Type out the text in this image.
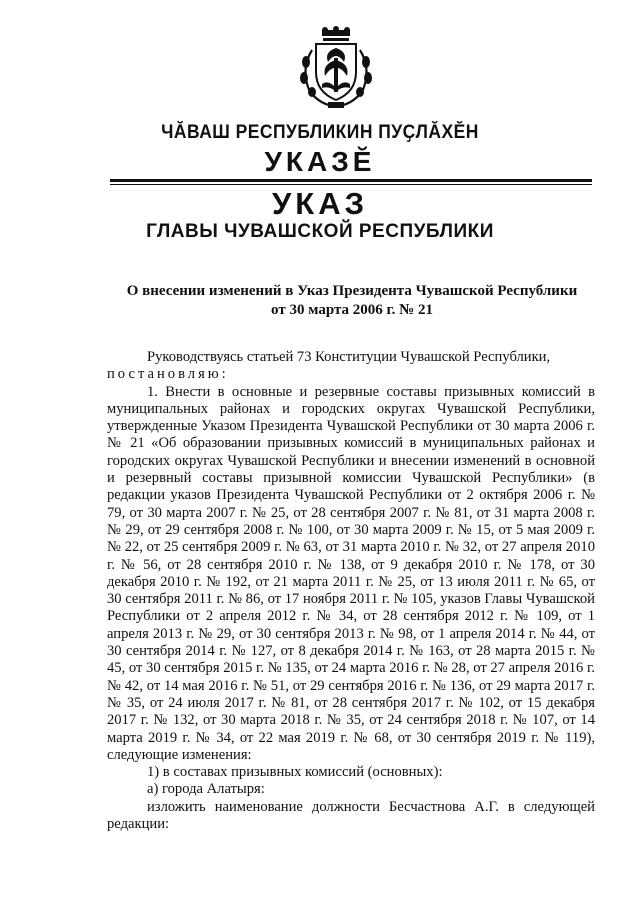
ЧӐВАШ РЕСПУБЛИКИН ПУҪЛӐХӖН
УКАЗӖ
УКАЗ
ГЛАВЫ ЧУВАШСКОЙ РЕСПУБЛИКИ
О внесении изменений в Указ Президента Чувашской Республики
от 30 марта 2006 г. № 21

Руководствуясь статьей 73 Конституции Чувашской Республики,

постановляю:

1. Внести в основные и резервные составы призывных комиссий в муниципальных районах и городских округах Чувашской Республики, утвержденные Указом Президента Чувашской Республики от 30 марта 2006 г. № 21 «Об образовании призывных комиссий в муниципальных районах и городских округах Чувашской Республики и внесении изменений в основной и резервный составы призывной комиссии Чувашской Республики» (в редакции указов Президента Чувашской Республики от 2 октября 2006 г. № 79, от 30 марта 2007 г. № 25, от 28 сентября 2007 г. № 81, от 31 марта 2008 г. № 29, от 29 сентября 2008 г. № 100, от 30 марта 2009 г. № 15, от 5 мая 2009 г. № 22, от 25 сентября 2009 г. № 63, от 31 марта 2010 г. № 32, от 27 апреля 2010 г. № 56, от 28 сентября 2010 г. № 138, от 9 декабря 2010 г. № 178, от 30 декабря 2010 г. № 192, от 21 марта 2011 г. № 25, от 13 июля 2011 г. № 65, от 30 сентября 2011 г. № 86, от 17 ноября 2011 г. № 105, указов Главы Чувашской Республики от 2 апреля 2012 г. № 34, от 28 сентября 2012 г. № 109, от 1 апреля 2013 г. № 29, от 30 сентября 2013 г. № 98, от 1 апреля 2014 г. № 44, от 30 сентября 2014 г. № 127, от 8 декабря 2014 г. № 163, от 28 марта 2015 г. № 45, от 30 сентября 2015 г. № 135, от 24 марта 2016 г. № 28, от 27 апреля 2016 г. № 42, от 14 мая 2016 г. № 51, от 29 сентября 2016 г. № 136, от 29 марта 2017 г. № 35, от 24 июля 2017 г. № 81, от 28 сентября 2017 г. № 102, от 15 декабря 2017 г. № 132, от 30 марта 2018 г. № 35, от 24 сентября 2018 г. № 107, от 14 марта 2019 г. № 34, от 22 мая 2019 г. № 68, от 30 сентября 2019 г. № 119), следующие изменения:

1) в составах призывных комиссий (основных):

а) города Алатыря:

изложить наименование должности Бесчастнова А.Г. в следующей редакции:
